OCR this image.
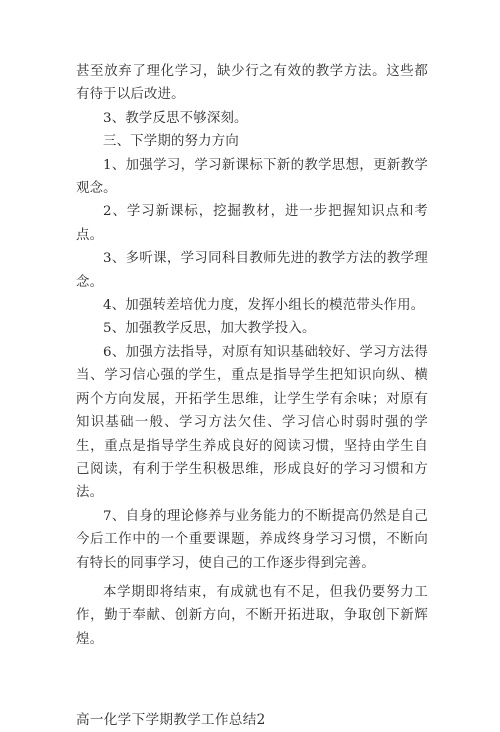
甚至放弃了理化学习，缺少行之有效的教学方法。这些都有待于以后改进。

3、教学反思不够深刻。

三、下学期的努力方向

1、加强学习，学习新课标下新的教学思想，更新教学观念。

2、学习新课标，挖掘教材，进一步把握知识点和考点。

3、多听课，学习同科目教师先进的教学方法的教学理念。

4、加强转差培优力度，发挥小组长的模范带头作用。

5、加强教学反思，加大教学投入。

6、加强方法指导，对原有知识基础较好、学习方法得当、学习信心强的学生，重点是指导学生把知识向纵、横两个方向发展，开拓学生思维，让学生学有余味；对原有知识基础一般、学习方法欠佳、学习信心时弱时强的学生，重点是指导学生养成良好的阅读习惯，坚持由学生自己阅读，有利于学生积极思维，形成良好的学习习惯和方法。

7、自身的理论修养与业务能力的不断提高仍然是自己今后工作中的一个重要课题，养成终身学习习惯，不断向有特长的同事学习，使自己的工作逐步得到完善。

本学期即将结束，有成就也有不足，但我仍要努力工作，勤于奉献、创新方向，不断开拓进取，争取创下新辉煌。

高一化学下学期教学工作总结2
